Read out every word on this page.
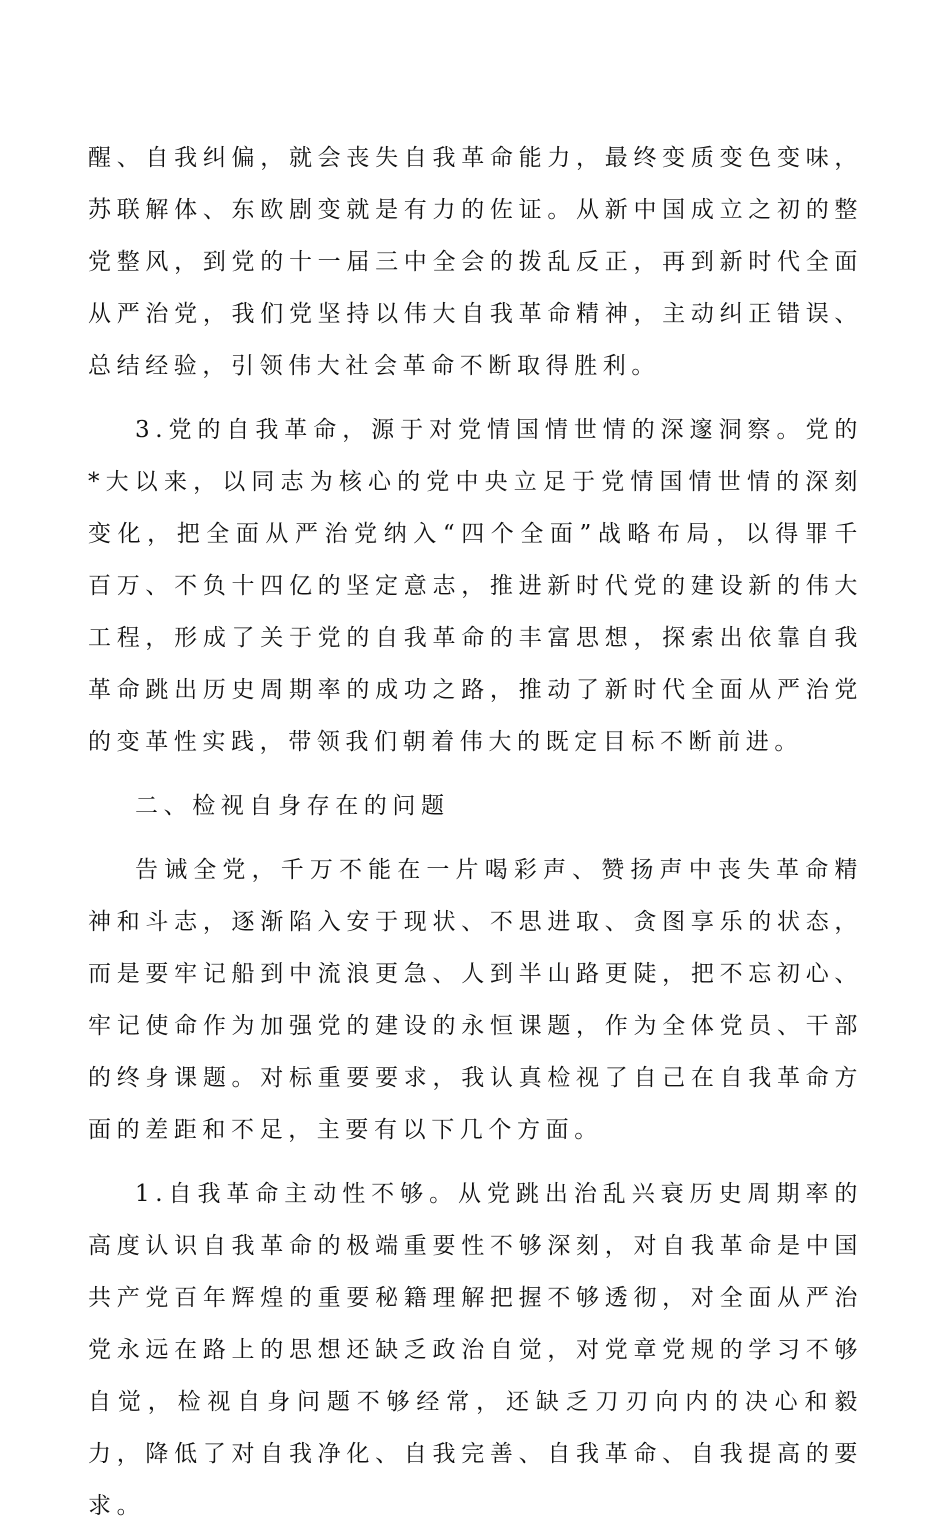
醒、自我纠偏，就会丧失自我革命能力，最终变质变色变味，苏联解体、东欧剧变就是有力的佐证。从新中国成立之初的整党整风，到党的十一届三中全会的拨乱反正，再到新时代全面从严治党，我们党坚持以伟大自我革命精神，主动纠正错误、总结经验，引领伟大社会革命不断取得胜利。

3.党的自我革命，源于对党情国情世情的深邃洞察。党的*大以来，以同志为核心的党中央立足于党情国情世情的深刻变化，把全面从严治党纳入“四个全面”战略布局，以得罪千百万、不负十四亿的坚定意志，推进新时代党的建设新的伟大工程，形成了关于党的自我革命的丰富思想，探索出依靠自我革命跳出历史周期率的成功之路，推动了新时代全面从严治党的变革性实践，带领我们朝着伟大的既定目标不断前进。

二、检视自身存在的问题

告诫全党，千万不能在一片喝彩声、赞扬声中丧失革命精神和斗志，逐渐陷入安于现状、不思进取、贪图享乐的状态，而是要牢记船到中流浪更急、人到半山路更陡，把不忘初心、牢记使命作为加强党的建设的永恒课题，作为全体党员、干部的终身课题。对标重要要求，我认真检视了自己在自我革命方面的差距和不足，主要有以下几个方面。

1.自我革命主动性不够。从党跳出治乱兴衰历史周期率的高度认识自我革命的极端重要性不够深刻，对自我革命是中国共产党百年辉煌的重要秘籍理解把握不够透彻，对全面从严治党永远在路上的思想还缺乏政治自觉，对党章党规的学习不够自觉，检视自身问题不够经常，还缺乏刀刃向内的决心和毅力，降低了对自我净化、自我完善、自我革命、自我提高的要求。
